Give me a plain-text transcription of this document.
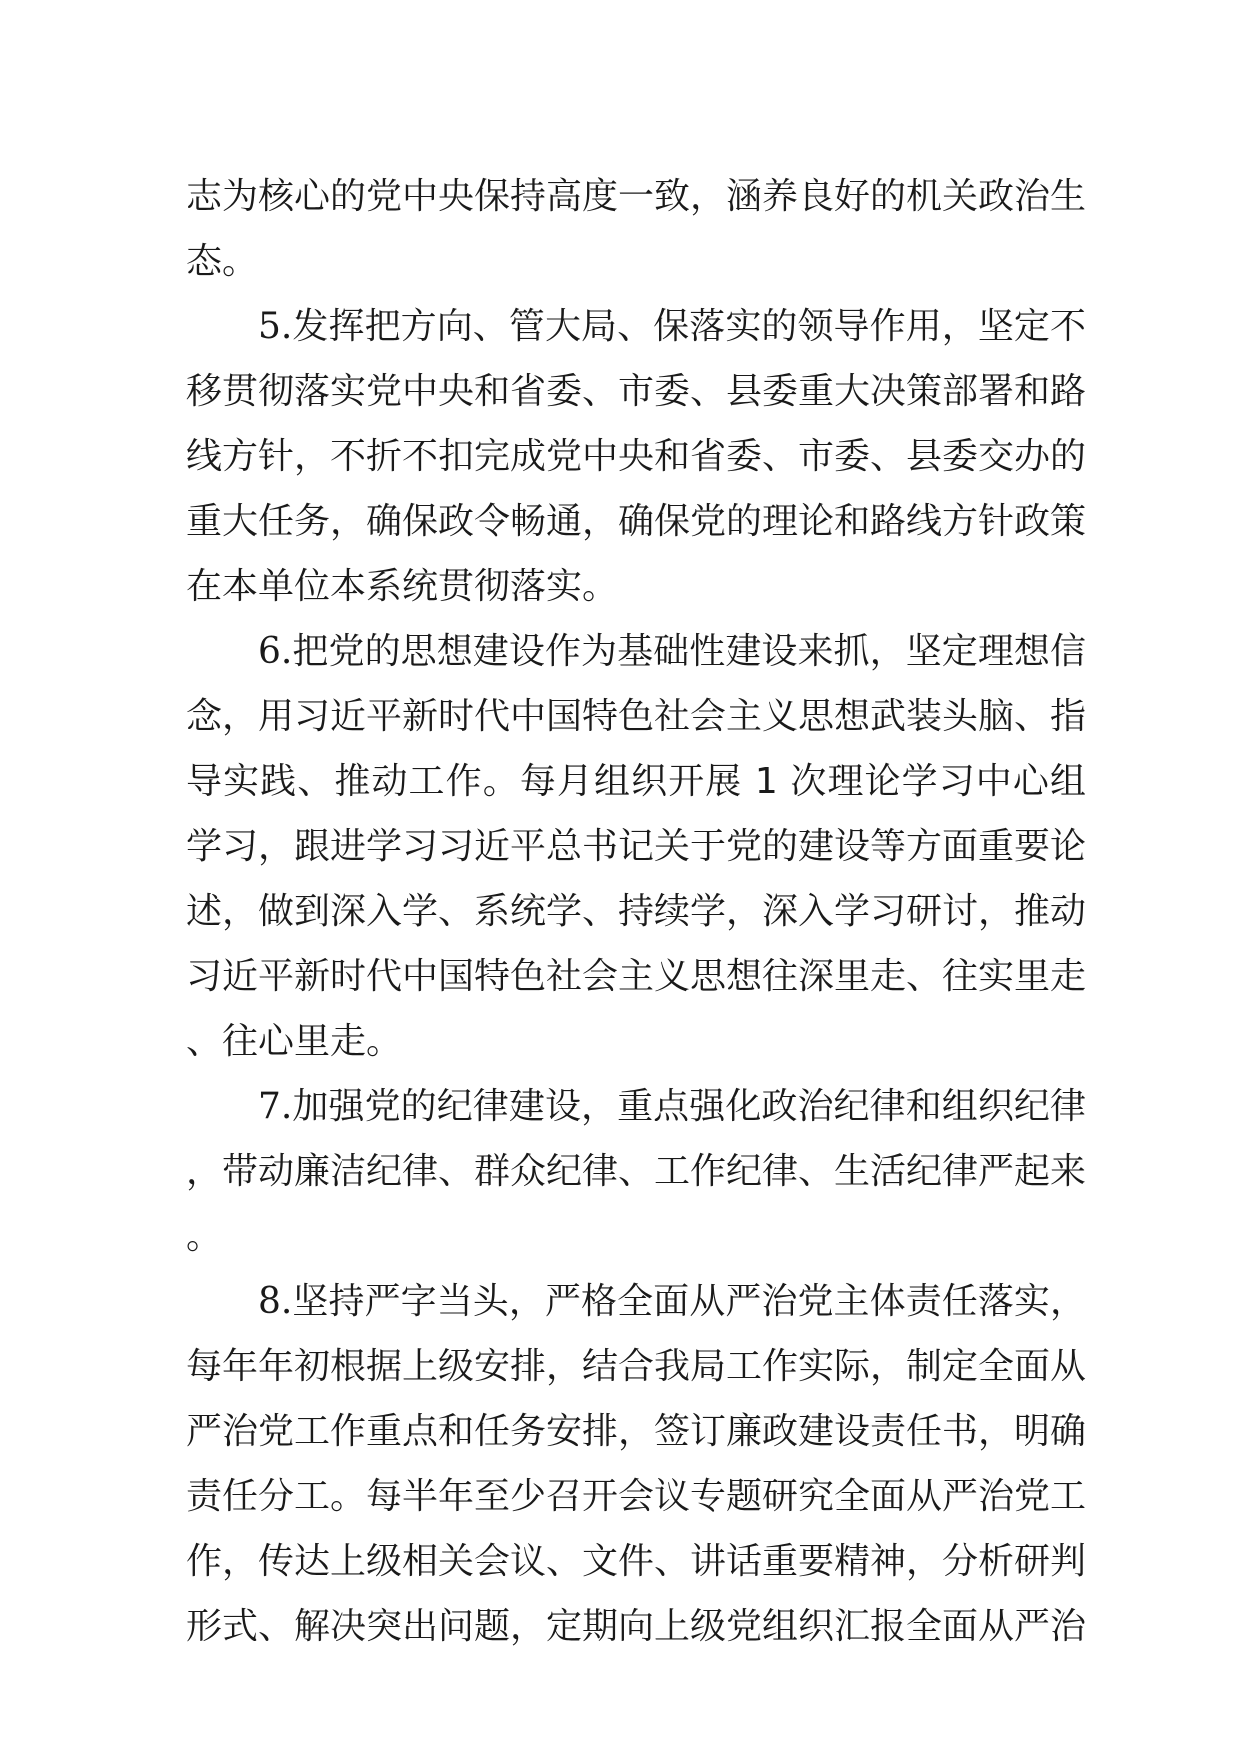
志为核心的党中央保持高度一致，涵养良好的机关政治生态。

5.发挥把方向、管大局、保落实的领导作用，坚定不移贯彻落实党中央和省委、市委、县委重大决策部署和路线方针，不折不扣完成党中央和省委、市委、县委交办的重大任务，确保政令畅通，确保党的理论和路线方针政策在本单位本系统贯彻落实。

6.把党的思想建设作为基础性建设来抓，坚定理想信念，用习近平新时代中国特色社会主义思想武装头脑、指导实践、推动工作。每月组织开展 1 次理论学习中心组学习，跟进学习习近平总书记关于党的建设等方面重要论述，做到深入学、系统学、持续学，深入学习研讨，推动习近平新时代中国特色社会主义思想往深里走、往实里走、往心里走。

7.加强党的纪律建设，重点强化政治纪律和组织纪律，带动廉洁纪律、群众纪律、工作纪律、生活纪律严起来。

8.坚持严字当头，严格全面从严治党主体责任落实，每年年初根据上级安排，结合我局工作实际，制定全面从严治党工作重点和任务安排，签订廉政建设责任书，明确责任分工。每半年至少召开会议专题研究全面从严治党工作，传达上级相关会议、文件、讲话重要精神，分析研判形式、解决突出问题，定期向上级党组织汇报全面从严治
